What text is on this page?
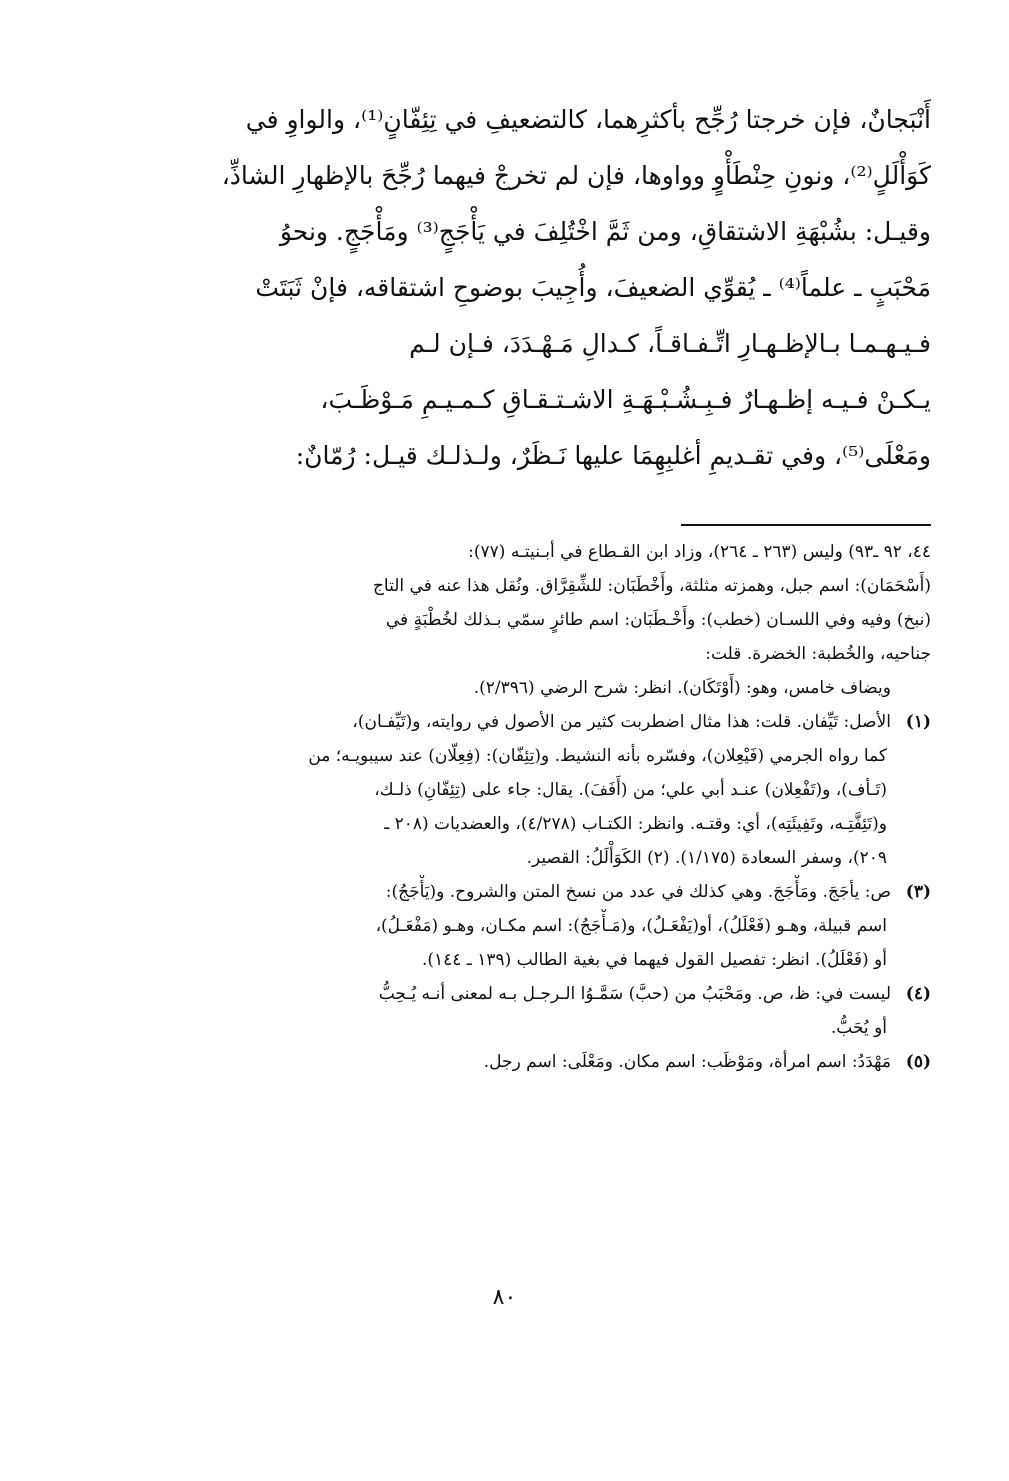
أَنْبَجانٌ، فإن خرجتا رُجِّح بأكثرِهما، كالتضعيفِ في تِئِفّانٍ⁽¹⁾، والواوِ في
كَوَأْلَلٍ⁽²⁾، ونونِ حِنْطَأْوٍ وواوها، فإن لم تخرجْ فيهما رُجِّحَ بالإظهارِ الشاذِّ،
وقيـل: بشُبْهَةِ الاشتقاقِ، ومن ثَمَّ اخْتُلِفَ في يَأْجَجٍ⁽³⁾ ومَأْجَجٍ. ونحوُ
مَحْبَبٍ ـ علماً⁽⁴⁾ ـ يُقوِّي الضعيفَ، وأُجِيبَ بوضوحِ اشتقاقه، فإنْ ثَبَتَتْ
فـيـهـمـا بـالإظـهـارِ اتِّـفـاقـاً، كـدالِ مَـهْـدَدَ، فـإن لـم
يـكـنْ فـيـه إظـهـارٌ فـبِـشُـبْـهَـةِ الاشـتـقـاقِ كـمـيـمِ مَـوْظَـبَ،
ومَعْلَى⁽⁵⁾، وفي تقـديمِ أغلبِهِمَا عليها نَـظَرٌ، ولـذلـك قيـل: رُمّانٌ:
٤٤، ٩٢ ـ٩٣) وليس (٢٦٣ ـ ٢٦٤)، وزاد ابن القـطاع في أبـنيتـه (٧٧):
(أَسْحَمَان): اسم جبل، وهمزته مثلثة، وأَخْطَبَان: للشِّقِرَّاق. ونُقل هذا عنه في التاج
(نبخ) وفيه وفي اللسـان (خطب): وأَخْـطَبَان: اسم طائرٍ سمّي بـذلك لخُطْبَةٍ في
جناحيه، والخُطبة: الخضرة. قلت:
ويضاف خامس، وهو: (أَوْتَكَان). انظر: شرح الرضي (٢/٣٩٦).
(١)الأصل: تَيِّفان. قلت: هذا مثال اضطربت كثير من الأصول في روايته، و(تَيِّفـان)،
كما رواه الجرمي (فَيْعِلان)، وفسّره بأنه النشيط. و(تِئِفّان): (فِعِلّان) عند سيبويـه؛ من
(تَـأف)، و(تَفْعِلان) عنـد أبي علي؛ من (أَفَفَ). يقال: جاء على (تِئِفّانِ) ذلـك،
و(تَئِفَّتِـه، وتَفِيئَتِه)، أي: وقتـه. وانظر: الكتـاب (٤/٢٧٨)، والعضديات (٢٠٨ ـ
٢٠٩)، وسفر السعادة (١/١٧٥). (٢) الكَوَأْلَلُ: القصير.
(٣)ص: يأجَجَ. ومَأْجَجَ. وهي كذلك في عدد من نسخ المتن والشروح. و(يَأْجَجُ):
اسم قبيلة، وهـو (فَعْلَلُ)، أو(يَفْعَـلُ)، و(مَـأْجَجُ): اسم مكـان، وهـو (مَفْعَـلُ)،
أو (فَعْلَلُ). انظر: تفصيل القول فيهما في بغية الطالب (١٣٩ ـ ١٤٤).
(٤)ليست في: ظ، ص. ومَحْبَبُ من (حبَّ) سَمَّـوُا الـرجـل بـه لمعنى أنـه يُـحِبُّ
أو يُحَبُّ.
(٥)مَهْدَدُ: اسم امرأة، ومَوْظَب: اسم مكان. ومَعْلَى: اسم رجل.
٨٠
